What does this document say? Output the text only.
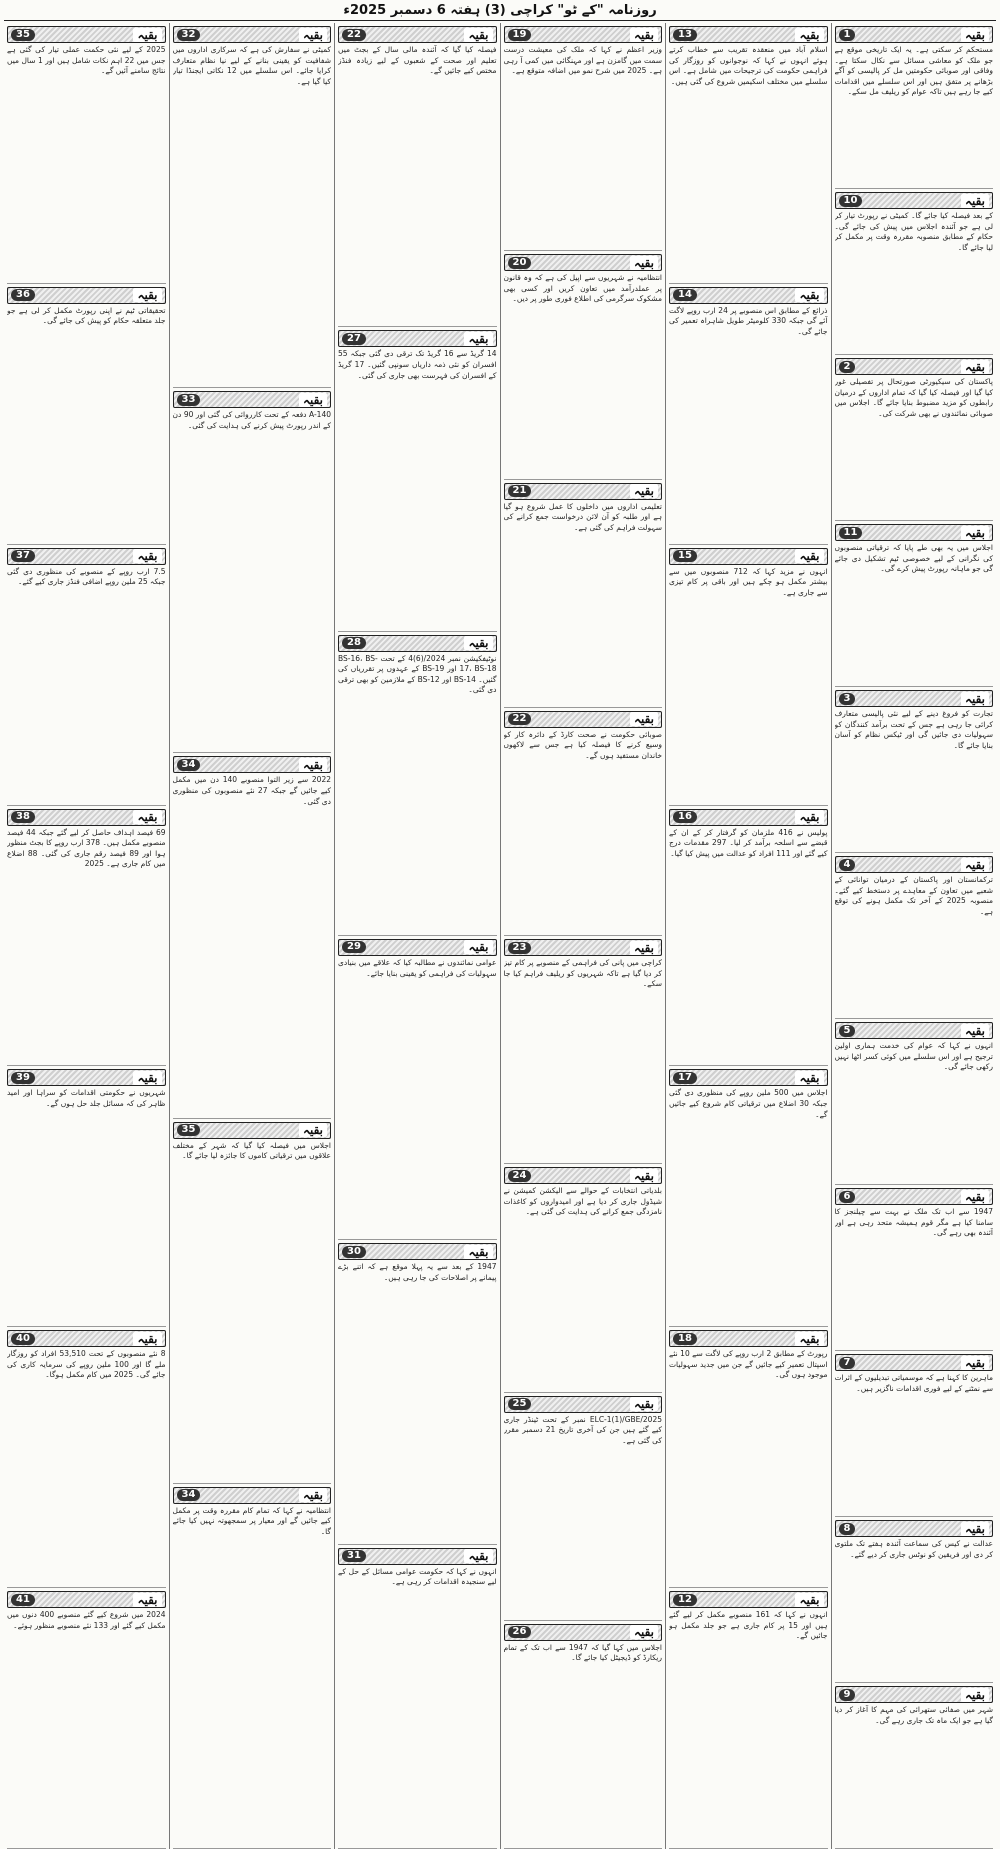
روزنامہ "کے ٹو" کراچی (3) ہفتہ 6 دسمبر 2025ء
بقیہ
1
مستحکم کر سکتی ہے۔ یہ ایک تاریخی موقع ہے جو ملک کو معاشی مسائل سے نکال سکتا ہے۔ وفاقی اور صوبائی حکومتیں مل کر پالیسی کو آگے بڑھانے پر متفق ہیں اور اس سلسلے میں اقدامات کیے جا رہے ہیں تاکہ عوام کو ریلیف مل سکے۔
بقیہ
10
کے بعد فیصلہ کیا جائے گا۔ کمیٹی نے رپورٹ تیار کر لی ہے جو آئندہ اجلاس میں پیش کی جائے گی۔ حکام کے مطابق منصوبہ مقررہ وقت پر مکمل کر لیا جائے گا۔
بقیہ
2
پاکستان کی سیکیورٹی صورتحال پر تفصیلی غور کیا گیا اور فیصلہ کیا گیا کہ تمام اداروں کے درمیان رابطوں کو مزید مضبوط بنایا جائے گا۔ اجلاس میں صوبائی نمائندوں نے بھی شرکت کی۔
بقیہ
11
اجلاس میں یہ بھی طے پایا کہ ترقیاتی منصوبوں کی نگرانی کے لیے خصوصی ٹیم تشکیل دی جائے گی جو ماہانہ رپورٹ پیش کرے گی۔
بقیہ
3
تجارت کو فروغ دینے کے لیے نئی پالیسی متعارف کرائی جا رہی ہے جس کے تحت برآمد کنندگان کو سہولیات دی جائیں گی اور ٹیکس نظام کو آسان بنایا جائے گا۔
بقیہ
4
ترکمانستان اور پاکستان کے درمیان توانائی کے شعبے میں تعاون کے معاہدے پر دستخط کیے گئے۔ منصوبہ 2025 کے آخر تک مکمل ہونے کی توقع ہے۔
بقیہ
5
انہوں نے کہا کہ عوام کی خدمت ہماری اولین ترجیح ہے اور اس سلسلے میں کوئی کسر اٹھا نہیں رکھی جائے گی۔
بقیہ
6
1947 سے اب تک ملک نے بہت سے چیلنجز کا سامنا کیا ہے مگر قوم ہمیشہ متحد رہی ہے اور آئندہ بھی رہے گی۔
بقیہ
7
ماہرین کا کہنا ہے کہ موسمیاتی تبدیلیوں کے اثرات سے نمٹنے کے لیے فوری اقدامات ناگزیر ہیں۔
بقیہ
8
عدالت نے کیس کی سماعت آئندہ ہفتے تک ملتوی کر دی اور فریقین کو نوٹس جاری کر دیے گئے۔
بقیہ
9
شہر میں صفائی ستھرائی کی مہم کا آغاز کر دیا گیا ہے جو ایک ماہ تک جاری رہے گی۔
بقیہ
13
اسلام آباد میں منعقدہ تقریب سے خطاب کرتے ہوئے انہوں نے کہا کہ نوجوانوں کو روزگار کی فراہمی حکومت کی ترجیحات میں شامل ہے۔ اس سلسلے میں مختلف اسکیمیں شروع کی گئی ہیں۔
بقیہ
14
ذرائع کے مطابق اس منصوبے پر 24 ارب روپے لاگت آئے گی جبکہ 330 کلومیٹر طویل شاہراہ تعمیر کی جائے گی۔
بقیہ
15
انہوں نے مزید کہا کہ 712 منصوبوں میں سے بیشتر مکمل ہو چکے ہیں اور باقی پر کام تیزی سے جاری ہے۔
بقیہ
16
پولیس نے 416 ملزمان کو گرفتار کر کے ان کے قبضے سے اسلحہ برآمد کر لیا۔ 297 مقدمات درج کیے گئے اور 111 افراد کو عدالت میں پیش کیا گیا۔
بقیہ
17
اجلاس میں 500 ملین روپے کی منظوری دی گئی جبکہ 30 اضلاع میں ترقیاتی کام شروع کیے جائیں گے۔
بقیہ
18
رپورٹ کے مطابق 2 ارب روپے کی لاگت سے 10 نئے اسپتال تعمیر کیے جائیں گے جن میں جدید سہولیات موجود ہوں گی۔
بقیہ
12
انہوں نے کہا کہ 161 منصوبے مکمل کر لیے گئے ہیں اور 15 پر کام جاری ہے جو جلد مکمل ہو جائیں گے۔
بقیہ
19
وزیر اعظم نے کہا کہ ملک کی معیشت درست سمت میں گامزن ہے اور مہنگائی میں کمی آ رہی ہے۔ 2025 میں شرح نمو میں اضافہ متوقع ہے۔
بقیہ
20
انتظامیہ نے شہریوں سے اپیل کی ہے کہ وہ قانون پر عملدرآمد میں تعاون کریں اور کسی بھی مشکوک سرگرمی کی اطلاع فوری طور پر دیں۔
بقیہ
21
تعلیمی اداروں میں داخلوں کا عمل شروع ہو گیا ہے اور طلبہ کو آن لائن درخواست جمع کرانے کی سہولت فراہم کی گئی ہے۔
بقیہ
22
صوبائی حکومت نے صحت کارڈ کے دائرہ کار کو وسیع کرنے کا فیصلہ کیا ہے جس سے لاکھوں خاندان مستفید ہوں گے۔
بقیہ
23
کراچی میں پانی کی فراہمی کے منصوبے پر کام تیز کر دیا گیا ہے تاکہ شہریوں کو ریلیف فراہم کیا جا سکے۔
بقیہ
24
بلدیاتی انتخابات کے حوالے سے الیکشن کمیشن نے شیڈول جاری کر دیا ہے اور امیدواروں کو کاغذات نامزدگی جمع کرانے کی ہدایت کی گئی ہے۔
بقیہ
25
ELC-1(1)/GBE/2025 نمبر کے تحت ٹینڈر جاری کیے گئے ہیں جن کی آخری تاریخ 21 دسمبر مقرر کی گئی ہے۔
بقیہ
26
اجلاس میں کہا گیا کہ 1947 سے اب تک کے تمام ریکارڈ کو ڈیجیٹل کیا جائے گا۔
بقیہ
22
فیصلہ کیا گیا کہ آئندہ مالی سال کے بجٹ میں تعلیم اور صحت کے شعبوں کے لیے زیادہ فنڈز مختص کیے جائیں گے۔
بقیہ
27
14 گریڈ سے 16 گریڈ تک ترقی دی گئی جبکہ 55 افسران کو نئی ذمہ داریاں سونپی گئیں۔ 17 گریڈ کے افسران کی فہرست بھی جاری کی گئی۔
بقیہ
28
نوٹیفکیشن نمبر 2024/(6)4 کے تحت BS-16، BS-17، BS-18 اور BS-19 کے عہدوں پر تقرریاں کی گئیں۔ BS-14 اور BS-12 کے ملازمین کو بھی ترقی دی گئی۔
بقیہ
29
عوامی نمائندوں نے مطالبہ کیا کہ علاقے میں بنیادی سہولیات کی فراہمی کو یقینی بنایا جائے۔
بقیہ
30
1947 کے بعد سے یہ پہلا موقع ہے کہ اتنے بڑے پیمانے پر اصلاحات کی جا رہی ہیں۔
بقیہ
31
انہوں نے کہا کہ حکومت عوامی مسائل کے حل کے لیے سنجیدہ اقدامات کر رہی ہے۔
بقیہ
32
کمیٹی نے سفارش کی ہے کہ سرکاری اداروں میں شفافیت کو یقینی بنانے کے لیے نیا نظام متعارف کرایا جائے۔ اس سلسلے میں 12 نکاتی ایجنڈا تیار کیا گیا ہے۔
بقیہ
33
A-140 دفعہ کے تحت کارروائی کی گئی اور 90 دن کے اندر رپورٹ پیش کرنے کی ہدایت کی گئی۔
بقیہ
34
2022 سے زیر التوا منصوبے 140 دن میں مکمل کیے جائیں گے جبکہ 27 نئے منصوبوں کی منظوری دی گئی۔
بقیہ
35
اجلاس میں فیصلہ کیا گیا کہ شہر کے مختلف علاقوں میں ترقیاتی کاموں کا جائزہ لیا جائے گا۔
بقیہ
34
انتظامیہ نے کہا کہ تمام کام مقررہ وقت پر مکمل کیے جائیں گے اور معیار پر سمجھوتہ نہیں کیا جائے گا۔
بقیہ
35
2025 کے لیے نئی حکمت عملی تیار کی گئی ہے جس میں 22 اہم نکات شامل ہیں اور 1 سال میں نتائج سامنے آئیں گے۔
بقیہ
36
تحقیقاتی ٹیم نے اپنی رپورٹ مکمل کر لی ہے جو جلد متعلقہ حکام کو پیش کی جائے گی۔
بقیہ
37
7.5 ارب روپے کے منصوبے کی منظوری دی گئی جبکہ 25 ملین روپے اضافی فنڈز جاری کیے گئے۔
بقیہ
38
69 فیصد اہداف حاصل کر لیے گئے جبکہ 44 فیصد منصوبے مکمل ہیں۔ 378 ارب روپے کا بجٹ منظور ہوا اور 89 فیصد رقم جاری کی گئی۔ 88 اضلاع میں کام جاری ہے۔ 2025
بقیہ
39
شہریوں نے حکومتی اقدامات کو سراہا اور امید ظاہر کی کہ مسائل جلد حل ہوں گے۔
بقیہ
40
8 نئے منصوبوں کے تحت 53,510 افراد کو روزگار ملے گا اور 100 ملین روپے کی سرمایہ کاری کی جائے گی۔ 2025 میں کام مکمل ہوگا۔
بقیہ
41
2024 میں شروع کیے گئے منصوبے 400 دنوں میں مکمل کیے گئے اور 133 نئے منصوبے منظور ہوئے۔
